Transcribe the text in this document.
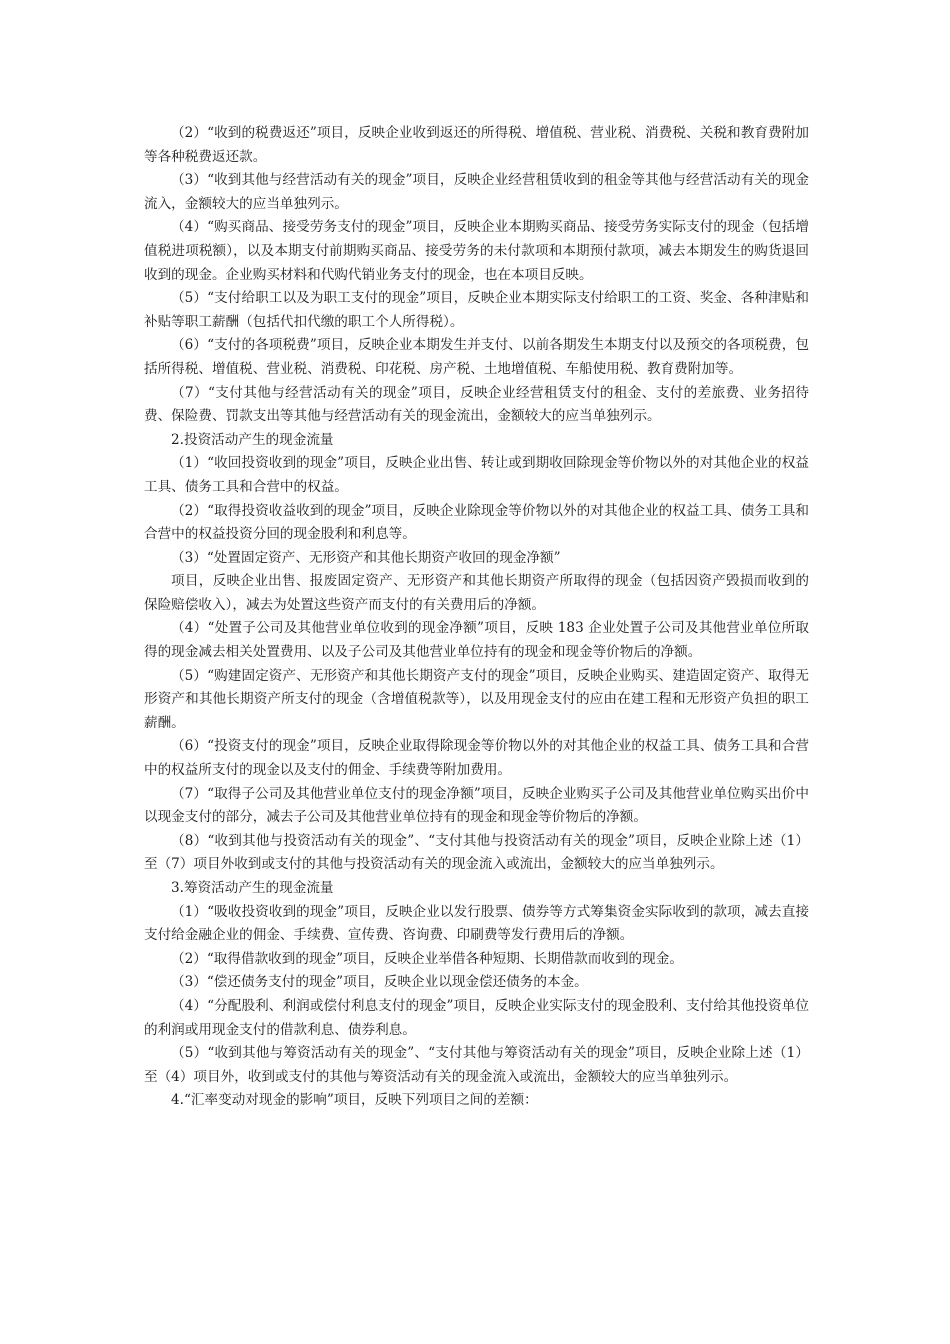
（2）“收到的税费返还”项目，反映企业收到返还的所得税、增值税、营业税、消费税、关税和教育费附加等各种税费返还款。

（3）“收到其他与经营活动有关的现金”项目，反映企业经营租赁收到的租金等其他与经营活动有关的现金流入，金额较大的应当单独列示。

（4）“购买商品、接受劳务支付的现金”项目，反映企业本期购买商品、接受劳务实际支付的现金（包括增值税进项税额），以及本期支付前期购买商品、接受劳务的未付款项和本期预付款项，减去本期发生的购货退回收到的现金。企业购买材料和代购代销业务支付的现金，也在本项目反映。

（5）“支付给职工以及为职工支付的现金”项目，反映企业本期实际支付给职工的工资、奖金、各种津贴和补贴等职工薪酬（包括代扣代缴的职工个人所得税）。

（6）“支付的各项税费”项目，反映企业本期发生并支付、以前各期发生本期支付以及预交的各项税费，包括所得税、增值税、营业税、消费税、印花税、房产税、土地增值税、车船使用税、教育费附加等。

（7）“支付其他与经营活动有关的现金”项目，反映企业经营租赁支付的租金、支付的差旅费、业务招待费、保险费、罚款支出等其他与经营活动有关的现金流出，金额较大的应当单独列示。

2.投资活动产生的现金流量

（1）“收回投资收到的现金”项目，反映企业出售、转让或到期收回除现金等价物以外的对其他企业的权益工具、债务工具和合营中的权益。

（2）“取得投资收益收到的现金”项目，反映企业除现金等价物以外的对其他企业的权益工具、债务工具和合营中的权益投资分回的现金股利和利息等。

（3）“处置固定资产、无形资产和其他长期资产收回的现金净额”

项目，反映企业出售、报废固定资产、无形资产和其他长期资产所取得的现金（包括因资产毁损而收到的保险赔偿收入），减去为处置这些资产而支付的有关费用后的净额。

（4）“处置子公司及其他营业单位收到的现金净额”项目，反映 183 企业处置子公司及其他营业单位所取得的现金减去相关处置费用、以及子公司及其他营业单位持有的现金和现金等价物后的净额。

（5）“购建固定资产、无形资产和其他长期资产支付的现金”项目，反映企业购买、建造固定资产、取得无形资产和其他长期资产所支付的现金（含增值税款等），以及用现金支付的应由在建工程和无形资产负担的职工薪酬。

（6）“投资支付的现金”项目，反映企业取得除现金等价物以外的对其他企业的权益工具、债务工具和合营中的权益所支付的现金以及支付的佣金、手续费等附加费用。

（7）“取得子公司及其他营业单位支付的现金净额”项目，反映企业购买子公司及其他营业单位购买出价中以现金支付的部分，减去子公司及其他营业单位持有的现金和现金等价物后的净额。

（8）“收到其他与投资活动有关的现金”、“支付其他与投资活动有关的现金”项目，反映企业除上述（1）至（7）项目外收到或支付的其他与投资活动有关的现金流入或流出，金额较大的应当单独列示。

3.筹资活动产生的现金流量

（1）“吸收投资收到的现金”项目，反映企业以发行股票、债券等方式筹集资金实际收到的款项，减去直接支付给金融企业的佣金、手续费、宣传费、咨询费、印刷费等发行费用后的净额。

（2）“取得借款收到的现金”项目，反映企业举借各种短期、长期借款而收到的现金。

（3）“偿还债务支付的现金”项目，反映企业以现金偿还债务的本金。

（4）“分配股利、利润或偿付利息支付的现金”项目，反映企业实际支付的现金股利、支付给其他投资单位的利润或用现金支付的借款利息、债券利息。

（5）“收到其他与筹资活动有关的现金”、“支付其他与筹资活动有关的现金”项目，反映企业除上述（1）至（4）项目外，收到或支付的其他与筹资活动有关的现金流入或流出，金额较大的应当单独列示。

4.“汇率变动对现金的影响”项目，反映下列项目之间的差额：
